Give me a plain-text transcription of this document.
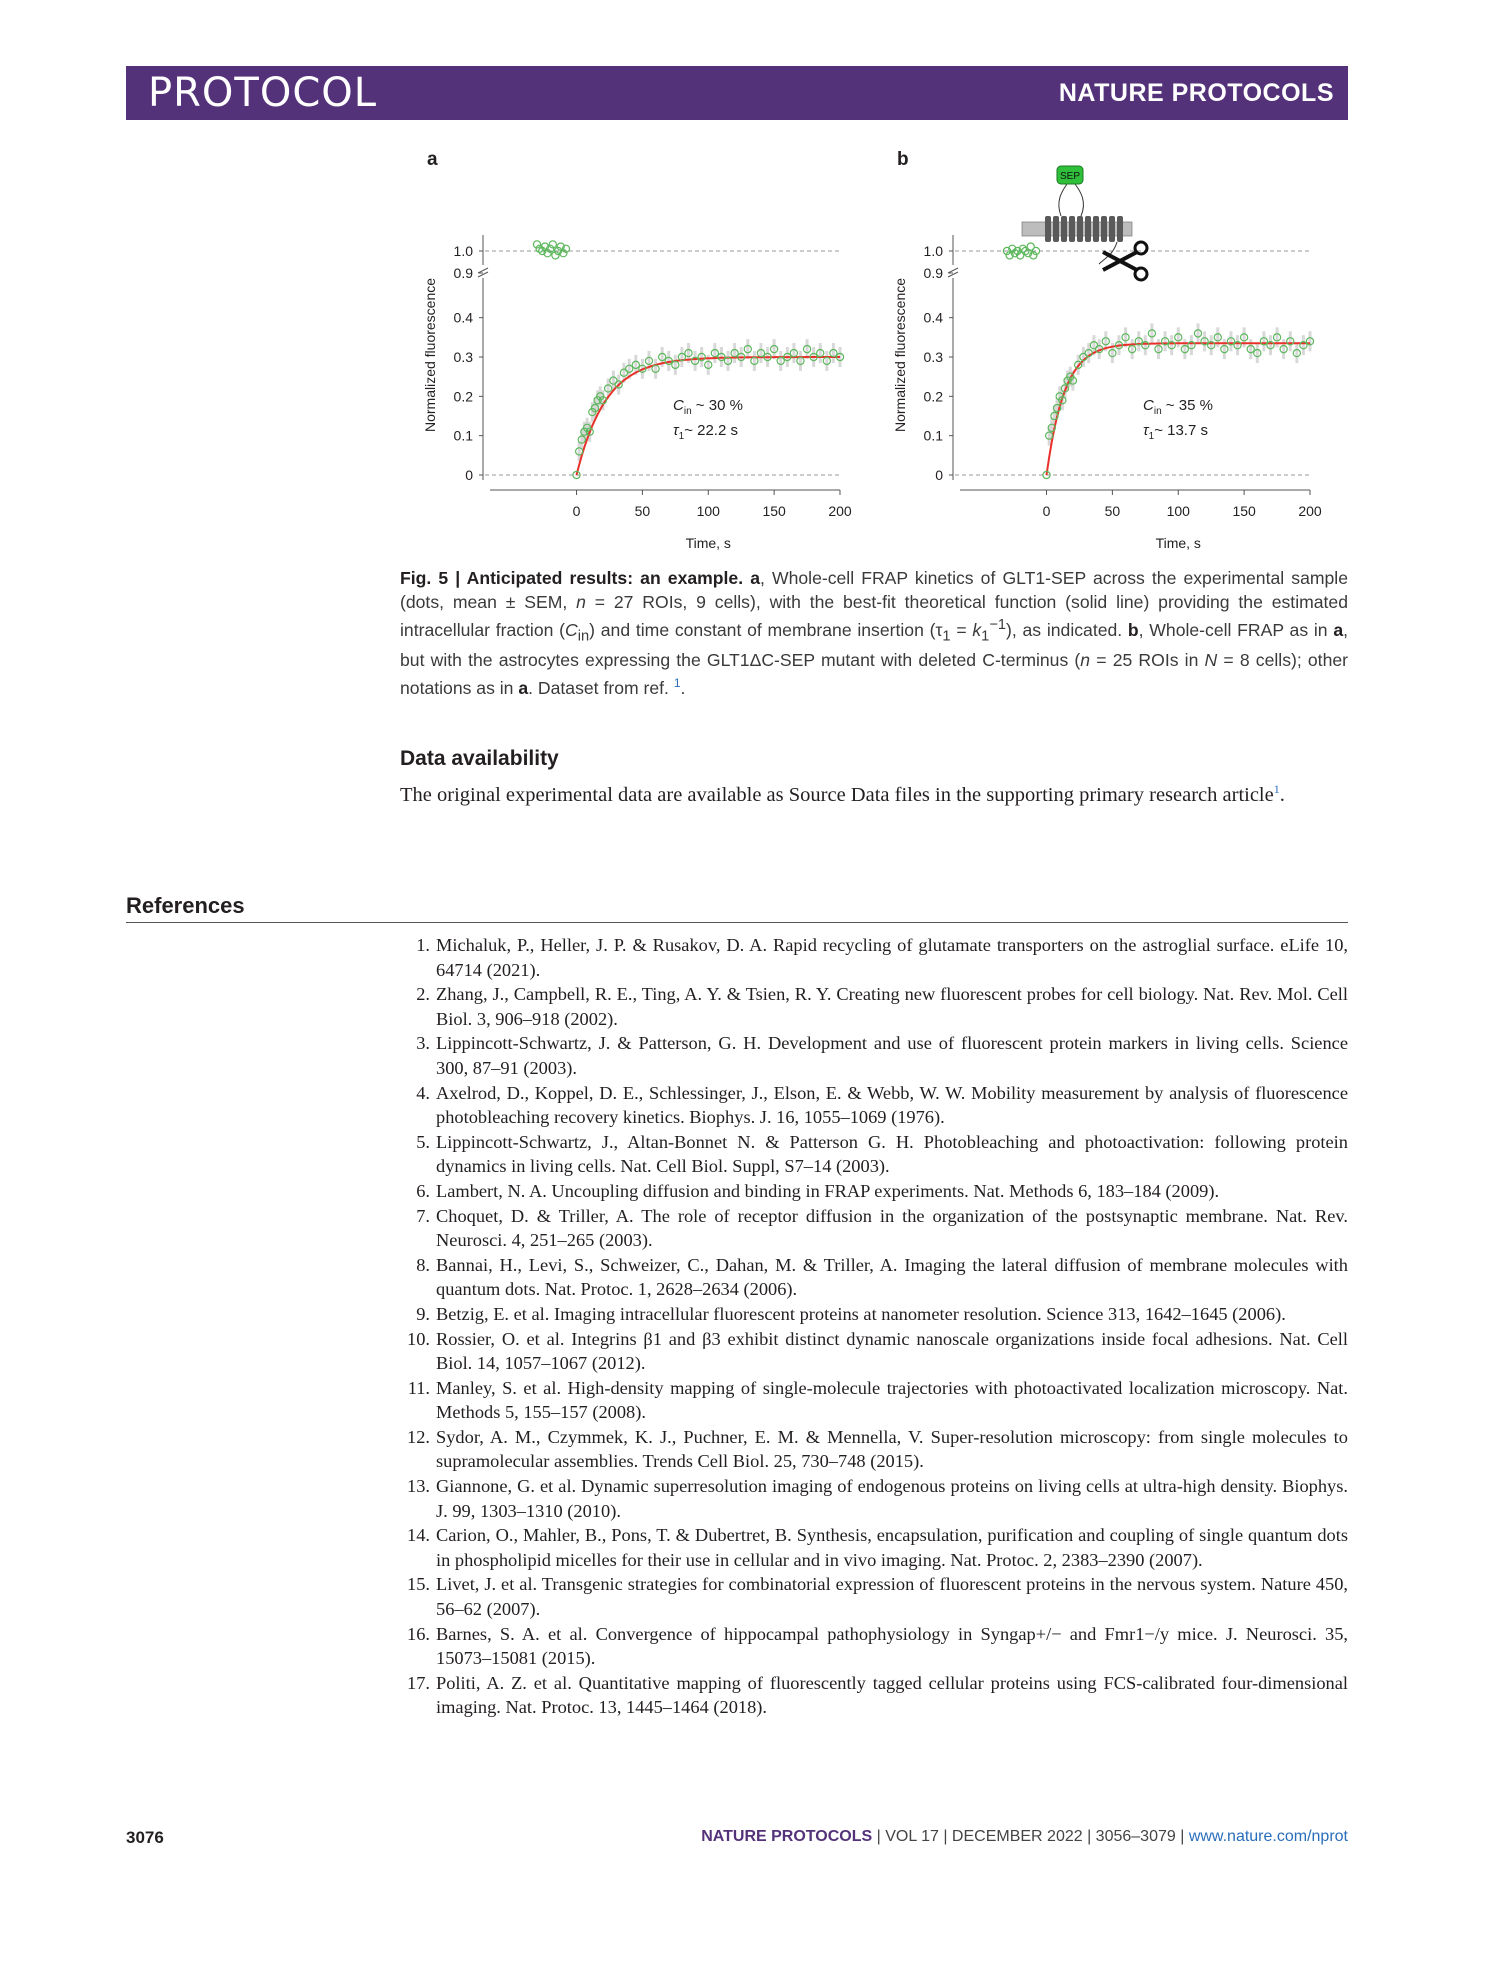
PROTOCOL	NATURE PROTOCOLS
a
0
0.1
0.2
0.3
0.4
0.9
1.0
0	50	100	150	200
Time, s
Normalized fluorescence	$C_{in}$ ~ 30 %
$\tau_1\sim$ 22.2 s
b
0
0.1
0.2
0.3
0.4
0.9
1.0
0	50	100	150	200
Time, s
Normalized fluorescence	$C_{in}$ ~ 35 %
$\tau_1\sim$ 13.7 s
SEP
Fig. 5 | Anticipated results: an example. a, Whole-cell FRAP kinetics of GLT1-SEP across the experimental sample (dots, mean ± SEM, n = 27 ROIs, 9 cells), with the best-fit theoretical function (solid line) providing the estimated intracellular fraction $(C_{in})$ and time constant of membrane insertion $(\tau_1 = k_1^{-1})$, as indicated. b, Whole-cell FRAP as in a, but with the astrocytes expressing the GLT1ΔC-SEP mutant with deleted C-terminus (n = 25 ROIs in N = 8 cells); other notations as in a. Dataset from ref. $^1$.
Data availability
The original experimental data are available as Source Data files in the supporting primary research article$^1$.
References
1. Michaluk, P., Heller, J. P. & Rusakov, D. A. Rapid recycling of glutamate transporters on the astroglial surface. eLife 10, 64714 (2021).
2. Zhang, J., Campbell, R. E., Ting, A. Y. & Tsien, R. Y. Creating new fluorescent probes for cell biology. Nat. Rev. Mol. Cell Biol. 3, 906–918 (2002).
3. Lippincott-Schwartz, J. & Patterson, G. H. Development and use of fluorescent protein markers in living cells. Science 300, 87–91 (2003).
4. Axelrod, D., Koppel, D. E., Schlessinger, J., Elson, E. & Webb, W. W. Mobility measurement by analysis of fluorescence photobleaching recovery kinetics. Biophys. J. 16, 1055–1069 (1976).
5. Lippincott-Schwartz, J., Altan-Bonnet N. & Patterson G. H. Photobleaching and photoactivation: following protein dynamics in living cells. Nat. Cell Biol. Suppl, S7–14 (2003).
6. Lambert, N. A. Uncoupling diffusion and binding in FRAP experiments. Nat. Methods 6, 183–184 (2009).
7. Choquet, D. & Triller, A. The role of receptor diffusion in the organization of the postsynaptic membrane. Nat. Rev. Neurosci. 4, 251–265 (2003).
8. Bannai, H., Levi, S., Schweizer, C., Dahan, M. & Triller, A. Imaging the lateral diffusion of membrane molecules with quantum dots. Nat. Protoc. 1, 2628–2634 (2006).
9. Betzig, E. et al. Imaging intracellular fluorescent proteins at nanometer resolution. Science 313, 1642–1645 (2006).
10. Rossier, O. et al. Integrins β1 and β3 exhibit distinct dynamic nanoscale organizations inside focal adhesions. Nat. Cell Biol. 14, 1057–1067 (2012).
11. Manley, S. et al. High-density mapping of single-molecule trajectories with photoactivated localization microscopy. Nat. Methods 5, 155–157 (2008).
12. Sydor, A. M., Czymmek, K. J., Puchner, E. M. & Mennella, V. Super-resolution microscopy: from single molecules to supramolecular assemblies. Trends Cell Biol. 25, 730–748 (2015).
13. Giannone, G. et al. Dynamic superresolution imaging of endogenous proteins on living cells at ultra-high density. Biophys. J. 99, 1303–1310 (2010).
14. Carion, O., Mahler, B., Pons, T. & Dubertret, B. Synthesis, encapsulation, purification and coupling of single quantum dots in phospholipid micelles for their use in cellular and in vivo imaging. Nat. Protoc. 2, 2383–2390 (2007).
15. Livet, J. et al. Transgenic strategies for combinatorial expression of fluorescent proteins in the nervous system. Nature 450, 56–62 (2007).
16. Barnes, S. A. et al. Convergence of hippocampal pathophysiology in Syngap+/− and Fmr1−/y mice. J. Neurosci. 35, 15073–15081 (2015).
17. Politi, A. Z. et al. Quantitative mapping of fluorescently tagged cellular proteins using FCS-calibrated four-dimensional imaging. Nat. Protoc. 13, 1445–1464 (2018).
3076	NATURE PROTOCOLS | VOL 17 | DECEMBER 2022 | 3056–3079 | www.nature.com/nprot
